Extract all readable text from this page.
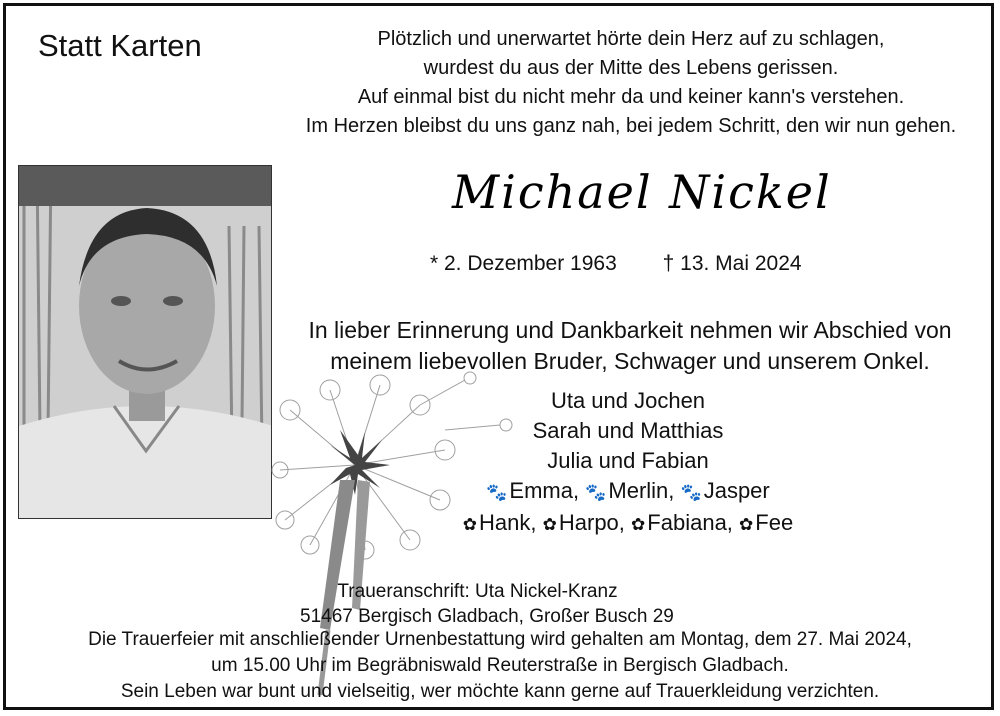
Statt Karten	Plötzlich und unerwartet hörte dein Herz auf zu schlagen,
wurdest du aus der Mitte des Lebens gerissen.
Auf einmal bist du nicht mehr da und keiner kann's verstehen.
Im Herzen bleibst du uns ganz nah, bei jedem Schritt, den wir nun gehen.
Michael Nickel
* 2. Dezember 1963 † 13. Mai 2024
In lieber Erinnerung und Dankbarkeit nehmen wir Abschied von
meinem liebevollen Bruder, Schwager und unserem Onkel.
Uta und Jochen
Sarah und Matthias
Julia und Fabian
🐾Emma, 🐾Merlin, 🐾Jasper
✿Hank, ✿Harpo, ✿Fabiana, ✿Fee
Traueranschrift: Uta Nickel-Kranz
51467 Bergisch Gladbach, Großer Busch 29
Die Trauerfeier mit anschließender Urnenbestattung wird gehalten am Montag, dem 27. Mai 2024,
um 15.00 Uhr im Begräbniswald Reuterstraße in Bergisch Gladbach.
Sein Leben war bunt und vielseitig, wer möchte kann gerne auf Trauerkleidung verzichten.
